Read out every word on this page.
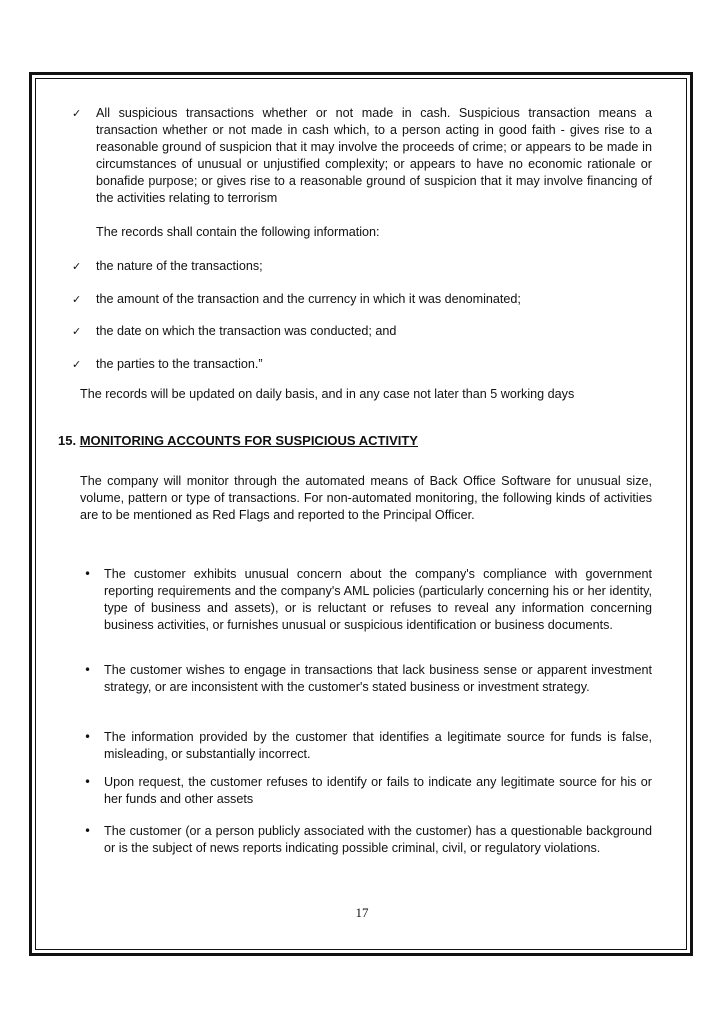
✓	All suspicious transactions whether or not made in cash. Suspicious transaction means a transaction whether or not made in cash which, to a person acting in good faith - gives rise to a reasonable ground of suspicion that it may involve the proceeds of crime; or appears to be made in circumstances of unusual or unjustified complexity; or appears to have no economic rationale or bonafide purpose; or gives rise to a reasonable ground of suspicion that it may involve financing of the activities relating to terrorism
The records shall contain the following information:
✓	the nature of the transactions;
✓	the amount of the transaction and the currency in which it was denominated;
✓	the date on which the transaction was conducted; and
✓	the parties to the transaction.”
The records will be updated on daily basis, and in any case not later than 5 working days
15. MONITORING ACCOUNTS FOR SUSPICIOUS ACTIVITY
The company will monitor through the automated means of Back Office Software for unusual size, volume, pattern or type of transactions. For non-automated monitoring, the following kinds of activities are to be mentioned as Red Flags and reported to the Principal Officer.
• The customer exhibits unusual concern about the company's compliance with government reporting requirements and the company's AML policies (particularly concerning his or her identity, type of business and assets), or is reluctant or refuses to reveal any information concerning business activities, or furnishes unusual or suspicious identification or business documents.
• The customer wishes to engage in transactions that lack business sense or apparent investment strategy, or are inconsistent with the customer's stated business or investment strategy.
• The information provided by the customer that identifies a legitimate source for funds is false, misleading, or substantially incorrect.
• Upon request, the customer refuses to identify or fails to indicate any legitimate source for his or her funds and other assets
• The customer (or a person publicly associated with the customer) has a questionable background or is the subject of news reports indicating possible criminal, civil, or regulatory violations.
17
